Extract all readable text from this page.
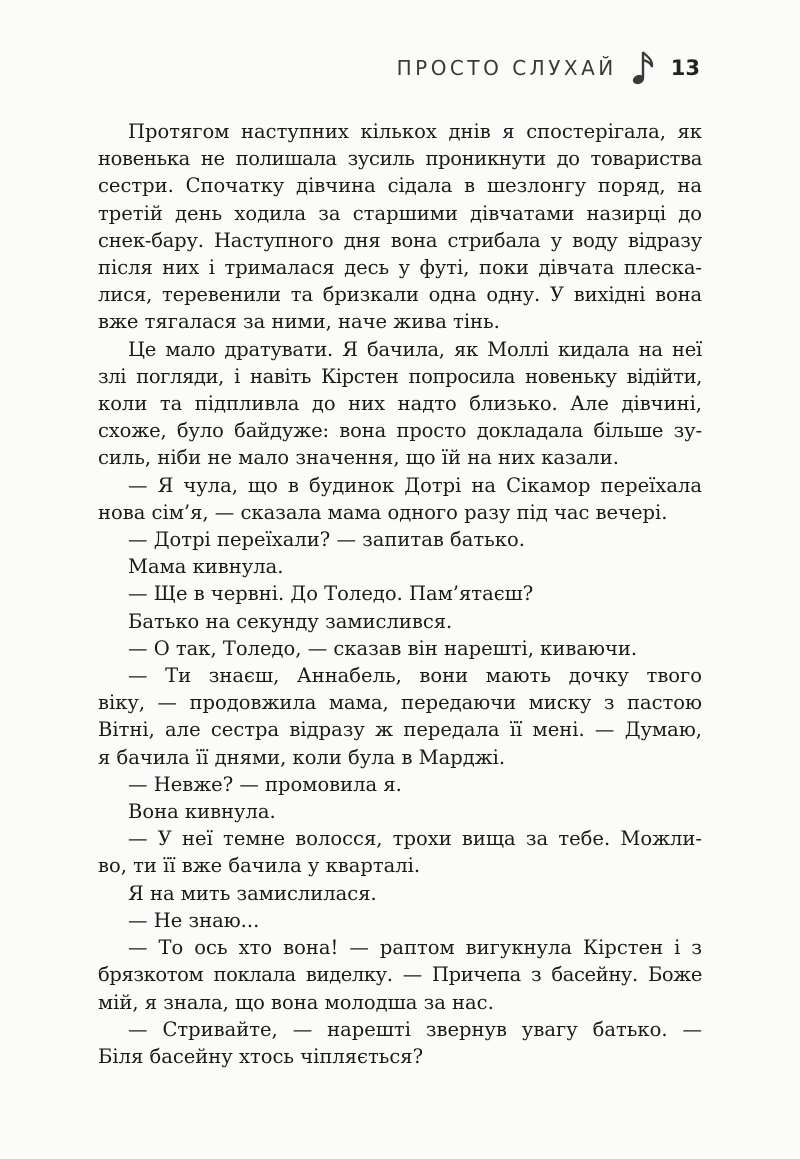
ПРОСТО СЛУХАЙ	13

Протягом наступних кількох днів я спостерігала, як
новенька не полишала зусиль проникнути до товариства
сестри. Спочатку дівчина сідала в шезлонгу поряд, на
третій день ходила за старшими дівчатами назирці до
снек-бару. Наступного дня вона стрибала у воду відразу
після них і трималася десь у футі, поки дівчата плеска-
лися, теревенили та бризкали одна одну. У вихідні вона
вже тягалася за ними, наче жива тінь.

Це мало дратувати. Я бачила, як Моллі кидала на неї
злі погляди, і навіть Кірстен попросила новеньку відійти,
коли та підпливла до них надто близько. Але дівчині,
схоже, було байдуже: вона просто докладала більше зу-
силь, ніби не мало значення, що їй на них казали.

— Я чула, що в будинок Дотрі на Сікамор переїхала
нова сім’я, — сказала мама одного разу під час вечері.

— Дотрі переїхали? — запитав батько.

Мама кивнула.

— Ще в червні. До Толедо. Пам’ятаєш?

Батько на секунду замислився.

— О так, Толедо, — сказав він нарешті, киваючи.

— Ти знаєш, Аннабель, вони мають дочку твого
віку, — продовжила мама, передаючи миску з пастою
Вітні, але сестра відразу ж передала її мені. — Думаю,
я бачила її днями, коли була в Марджі.

— Невже? — промовила я.

Вона кивнула.

— У неї темне волосся, трохи вища за тебе. Можли-
во, ти її вже бачила у кварталі.

Я на мить замислилася.

— Не знаю...

— То ось хто вона! — раптом вигукнула Кірстен і з
брязкотом поклала виделку. — Причепа з басейну. Боже
мій, я знала, що вона молодша за нас.

— Стривайте, — нарешті звернув увагу батько. —
Біля басейну хтось чіпляється?
